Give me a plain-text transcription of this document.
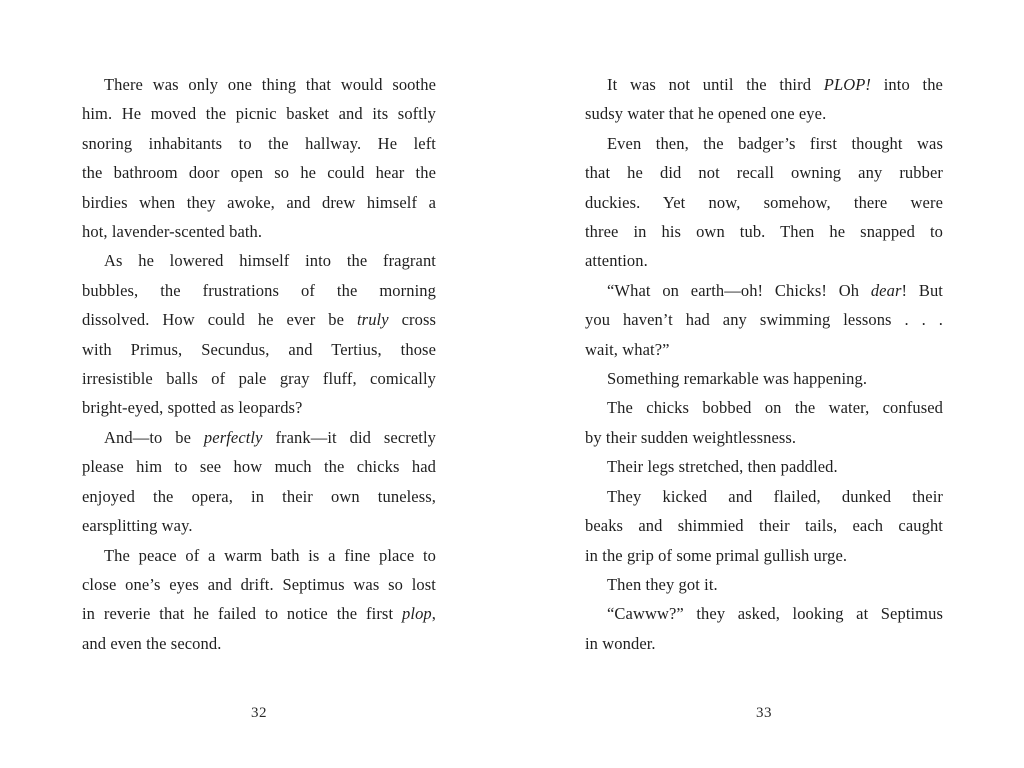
There was only one thing that would soothe
him. He moved the picnic basket and its softly
snoring inhabitants to the hallway. He left
the bathroom door open so he could hear the
birdies when they awoke, and drew himself a
hot, lavender-scented bath.
As he lowered himself into the fragrant
bubbles, the frustrations of the morning
dissolved. How could he ever be truly cross
with Primus, Secundus, and Tertius, those
irresistible balls of pale gray fluff, comically
bright-eyed, spotted as leopards?
And—to be perfectly frank—it did secretly
please him to see how much the chicks had
enjoyed the opera, in their own tuneless,
earsplitting way.
The peace of a warm bath is a fine place to
close one’s eyes and drift. Septimus was so lost
in reverie that he failed to notice the first plop,
and even the second.
32
It was not until the third PLOP! into the
sudsy water that he opened one eye.
Even then, the badger’s first thought was
that he did not recall owning any rubber
duckies. Yet now, somehow, there were
three in his own tub. Then he snapped to
attention.
“What on earth—oh! Chicks! Oh dear! But
you haven’t had any swimming lessons . . .
wait, what?”
Something remarkable was happening.
The chicks bobbed on the water, confused
by their sudden weightlessness.
Their legs stretched, then paddled.
They kicked and flailed, dunked their
beaks and shimmied their tails, each caught
in the grip of some primal gullish urge.
Then they got it.
“Cawww?” they asked, looking at Septimus
in wonder.
33
